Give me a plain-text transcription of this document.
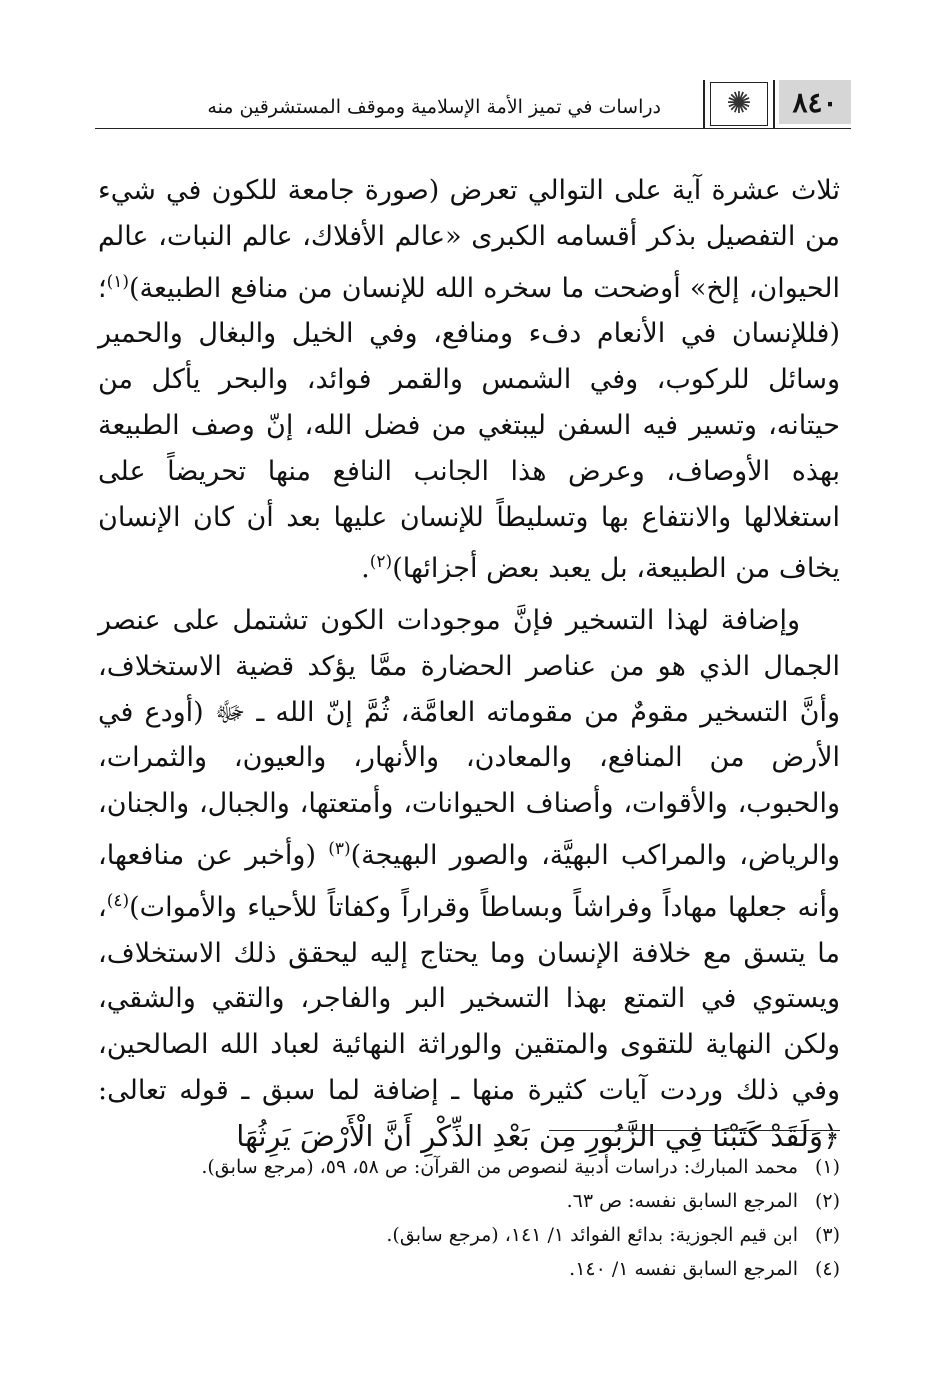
٨٤٠
✺
دراسات في تميز الأمة الإسلامية وموقف المستشرقين منه
ثلاث عشرة آية على التوالي تعرض (صورة جامعة للكون في شيء من التفصيل بذكر أقسامه الكبرى «عالم الأفلاك، عالم النبات، عالم الحيوان، إلخ» أوضحت ما سخره الله للإنسان من منافع الطبيعة)$^{(١)}$؛ (فللإنسان في الأنعام دفء ومنافع، وفي الخيل والبغال والحمير وسائل للركوب، وفي الشمس والقمر فوائد، والبحر يأكل من حيتانه، وتسير فيه السفن ليبتغي من فضل الله، إنّ وصف الطبيعة بهذه الأوصاف، وعرض هذا الجانب النافع منها تحريضاً على استغلالها والانتفاع بها وتسليطاً للإنسان عليها بعد أن كان الإنسان يخاف من الطبيعة، بل يعبد بعض أجزائها)$^{(٢)}$.
وإضافة لهذا التسخير فإنَّ موجودات الكون تشتمل على عنصر الجمال الذي هو من عناصر الحضارة ممَّا يؤكد قضية الاستخلاف، وأنَّ التسخير مقومٌ من مقوماته العامَّة، ثُمَّ إنّ الله ـ ﷻ (أودع في الأرض من المنافع، والمعادن، والأنهار، والعيون، والثمرات، والحبوب، والأقوات، وأصناف الحيوانات، وأمتعتها، والجبال، والجنان، والرياض، والمراكب البهيَّة، والصور البهيجة)$^{(٣)}$ (وأخبر عن منافعها، وأنه جعلها مهاداً وفراشاً وبساطاً وقراراً وكفاتاً للأحياء والأموات)$^{(٤)}$، ما يتسق مع خلافة الإنسان وما يحتاج إليه ليحقق ذلك الاستخلاف، ويستوي في التمتع بهذا التسخير البر والفاجر، والتقي والشقي، ولكن النهاية للتقوى والمتقين والوراثة النهائية لعباد الله الصالحين، وفي ذلك وردت آيات كثيرة منها ـ إضافة لما سبق ـ قوله تعالى: ﴿وَلَقَدْ كَتَبْنَا فِي الزَّبُورِ مِن بَعْدِ الذِّكْرِ أَنَّ الْأَرْضَ يَرِثُهَا
(١)
محمد المبارك: دراسات أدبية لنصوص من القرآن: ص ٥٨، ٥٩، (مرجع سابق).
(٢)
المرجع السابق نفسه: ص ٦٣.
(٣)
ابن قيم الجوزية: بدائع الفوائد ١/ ١٤١، (مرجع سابق).
(٤)
المرجع السابق نفسه ١/ ١٤٠.
